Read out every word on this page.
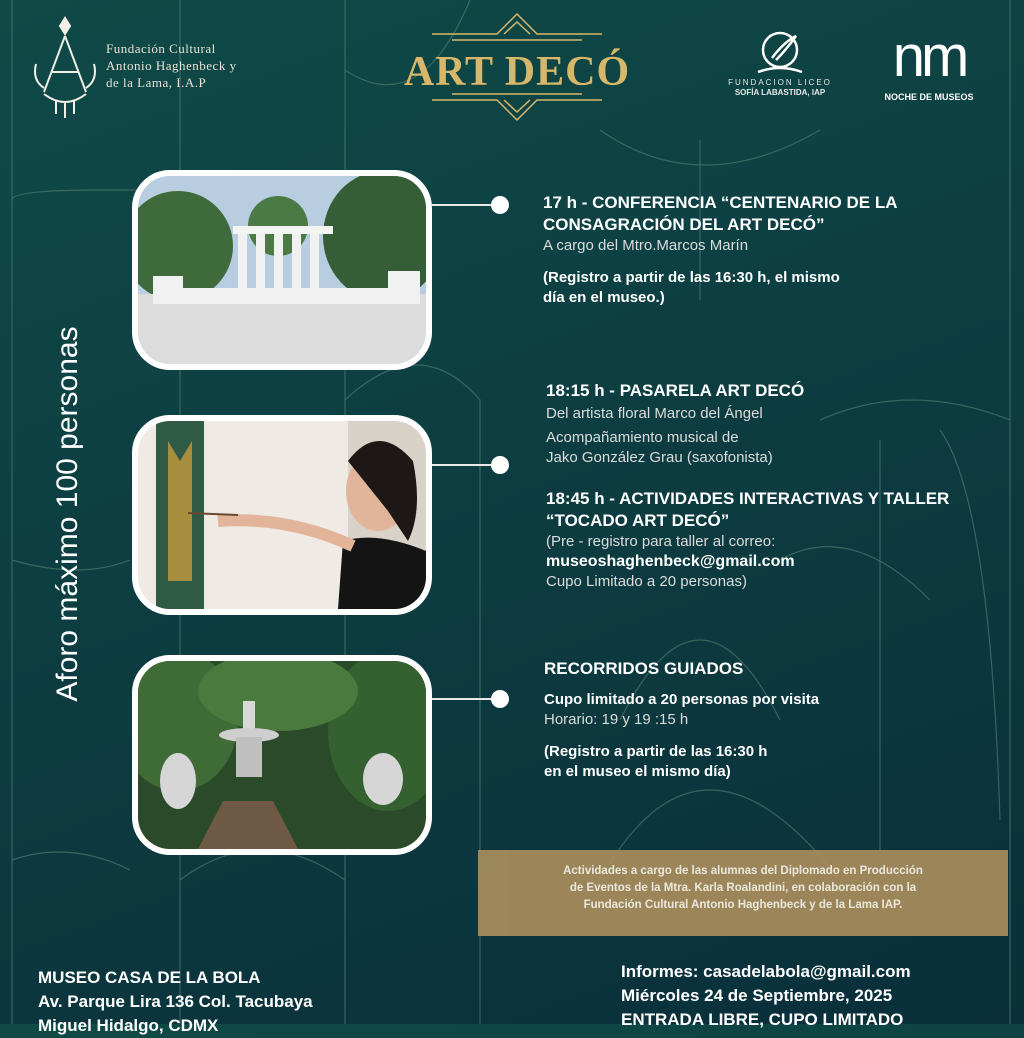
Fundación Cultural
Antonio Haghenbeck y
de la Lama, I.A.P	ART DECÓ	FUNDACION LICEO
SOFÍA LABASTIDA, IAP
nm
NOCHE DE MUSEOS
Aforo máximo 100 personas
17 h - CONFERENCIA “CENTENARIO DE LA
CONSAGRACIÓN DEL ART DECÓ”
A cargo del Mtro.Marcos Marín
(Registro a partir de las 16:30 h, el mismo
día en el museo.)
18:15 h - PASARELA ART DECÓ
Del artista floral Marco del Ángel
Acompañamiento musical de
Jako González Grau (saxofonista)
18:45 h - ACTIVIDADES INTERACTIVAS Y TALLER
“TOCADO ART DECÓ”
(Pre - registro para taller al correo:
museoshaghenbeck@gmail.com
Cupo Limitado a 20 personas)
RECORRIDOS GUIADOS
Cupo limitado a 20 personas por visita
Horario: 19 y 19 :15 h
(Registro a partir de las 16:30 h
en el museo el mismo día)
Actividades a cargo de las alumnas del Diplomado en Producción
de Eventos de la Mtra. Karla Roalandini, en colaboración con la
Fundación Cultural Antonio Haghenbeck y de la Lama IAP.
MUSEO CASA DE LA BOLA
Av. Parque Lira 136 Col. Tacubaya
Miguel Hidalgo, CDMX
Informes: casadelabola@gmail.com
Miércoles 24 de Septiembre, 2025
ENTRADA LIBRE, CUPO LIMITADO
